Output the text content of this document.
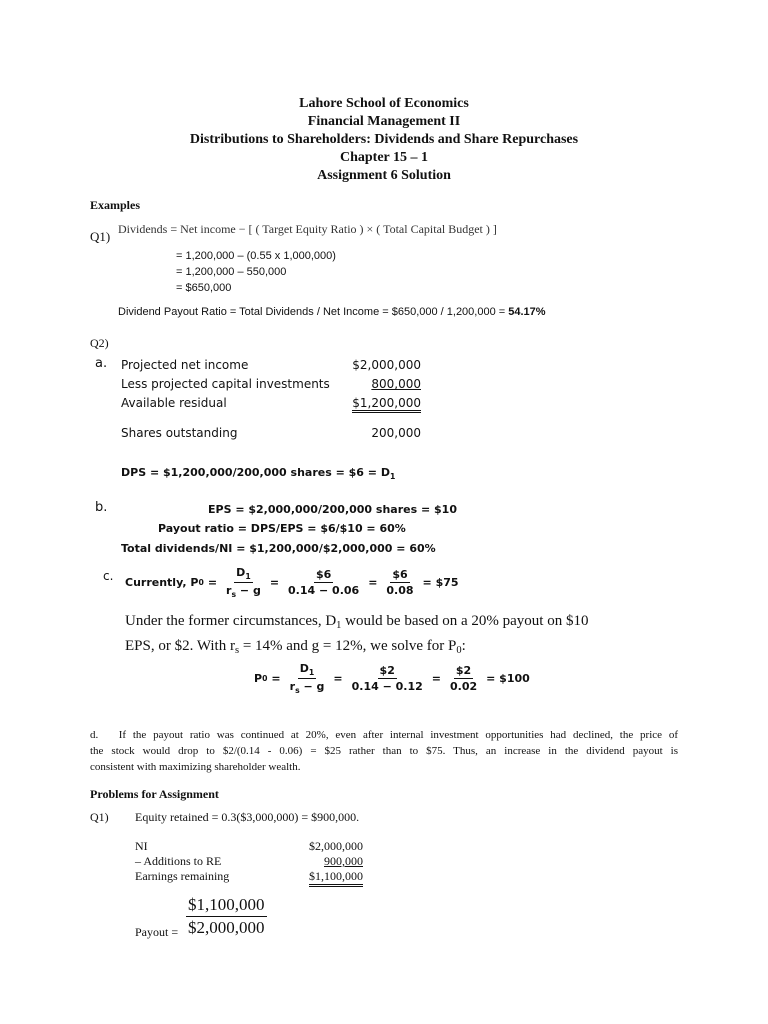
Lahore School of Economics
Financial Management II
Distributions to Shareholders: Dividends and Share Repurchases
Chapter 15 – 1
Assignment 6 Solution
Examples
Q1) Dividends = Net income − [ ( Target Equity Ratio ) × ( Total Capital Budget ) ]
= 1,200,000 – (0.55 x 1,000,000)
= 1,200,000 – 550,000
= $650,000
Dividend Payout Ratio = Total Dividends / Net Income = $650,000 / 1,200,000 = 54.17%
Q2)
a. Projected net income	$2,000,000
Less projected capital investments	800,000
Available residual	$1,200,000
Shares outstanding	200,000
DPS = $1,200,000/200,000 shares = $6 = $D_1$
b.	EPS = $2,000,000/200,000 shares = $10
Payout ratio = DPS/EPS = $6/$10 = 60%
Total dividends/NI = $1,200,000/$2,000,000 = 60%
c. Currently, P $0 = \frac{D_1}{r_s - g} = \frac{\$6}{0.14 - 0.06} = \frac{\$6}{0.08}$ = $75
Under the former circumstances, $D_1$ would be based on a 20% payout on $10
EPS, or $2. With $r_s = 14\%$ and g = 12%, we solve for $P_0$:
P $0 = \frac{D_1}{r_s - g} = \frac{\$2}{0.14 - 0.12} = \frac{\$2}{0.02}$ = $100
d. If the payout ratio was continued at 20%, even after internal investment opportunities had declined, the price of
the stock would drop to $2/(0.14 - 0.06) = $25 rather than to $75. Thus, an increase in the dividend payout is
consistent with maximizing shareholder wealth.
Problems for Assignment
Q1) Equity retained = 0.3($3,000,000) = $900,000.
NI	$2,000,000
– Additions to RE	900,000
Earnings remaining	$1,100,000
Payout = $\frac{\$1,100,000}{\$2,000,000}$
